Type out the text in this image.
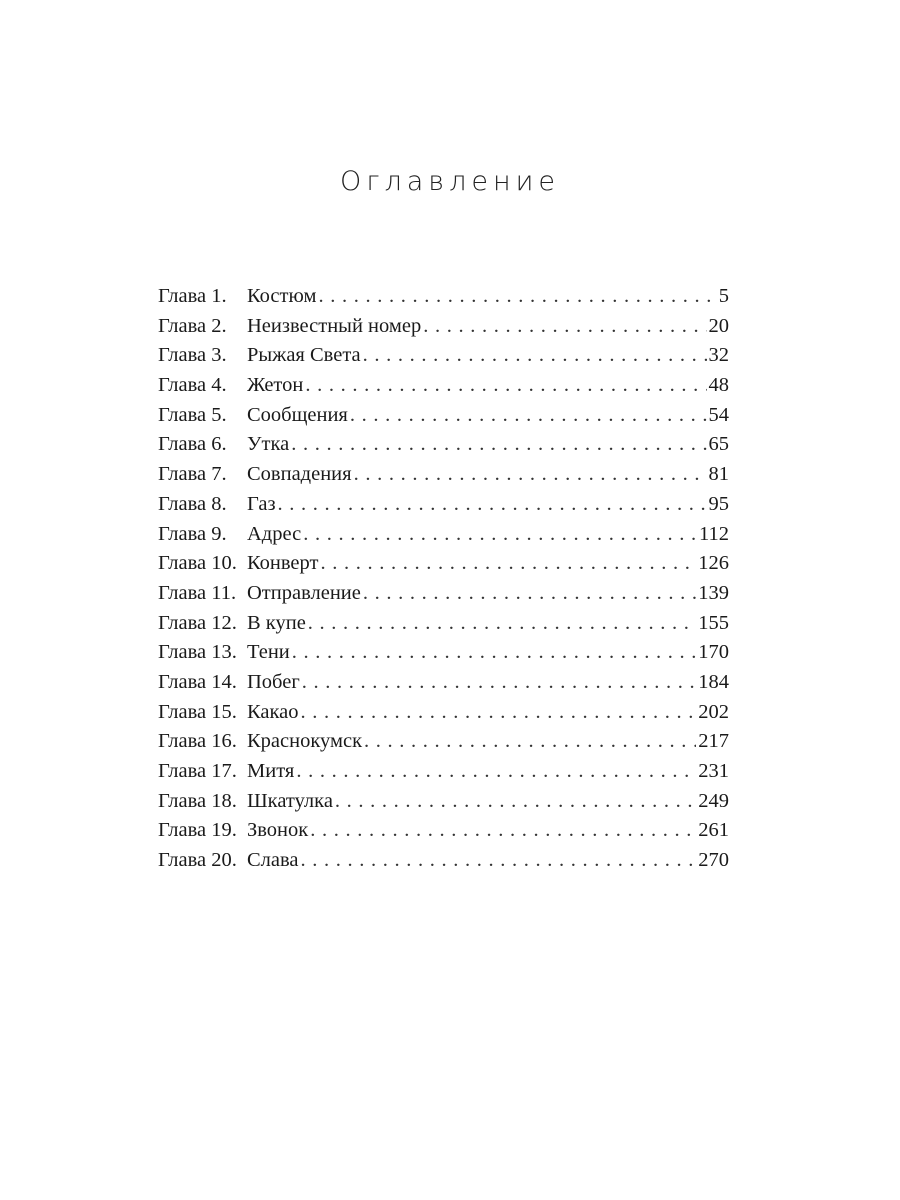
Оглавление
Глава 1. Костюм . . .	5
Глава 2. Неизвестный номер . . .	20
Глава 3. Рыжая Света . . .	32
Глава 4. Жетон . . .	48
Глава 5. Сообщения . . .	54
Глава 6. Утка . . .	65
Глава 7. Совпадения . . .	81
Глава 8. Газ . . .	95
Глава 9. Адрес . . .	112
Глава 10. Конверт . . .	126
Глава 11. Отправление . . .	139
Глава 12. В купе . . .	155
Глава 13. Тени . . .	170
Глава 14. Побег . . .	184
Глава 15. Какао . . .	202
Глава 16. Краснокумск . . .	217
Глава 17. Митя . . .	231
Глава 18. Шкатулка . . .	249
Глава 19. Звонок . . .	261
Глава 20. Слава . . .	270
